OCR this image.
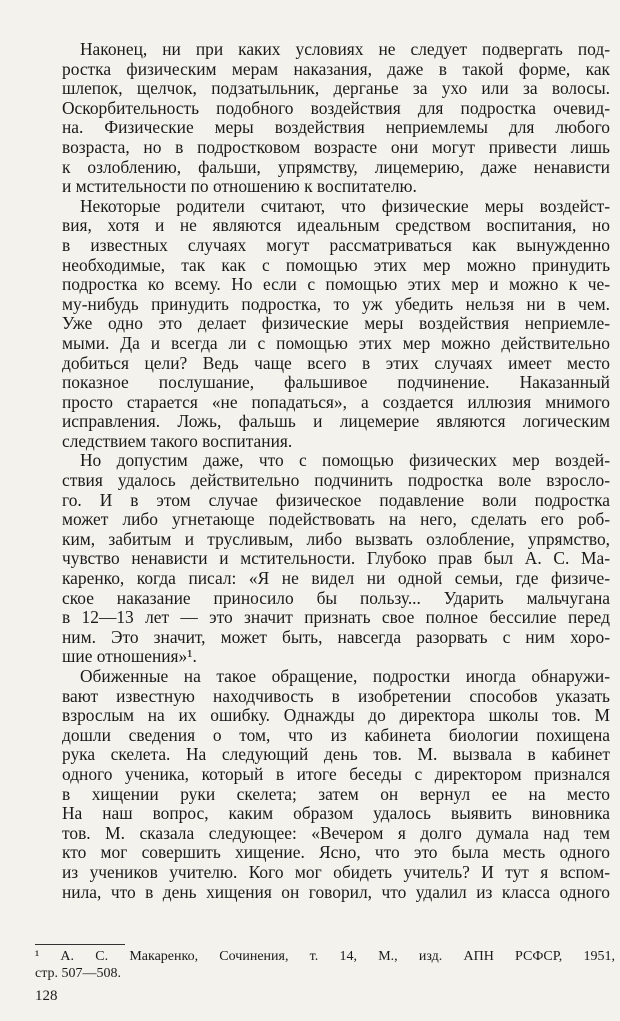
Наконец, ни при каких условиях не следует подвергать под-
ростка физическим мерам наказания, даже в такой форме, как
шлепок, щелчок, подзатыльник, дерганье за ухо или за волосы.
Оскорбительность подобного воздействия для подростка очевид-
на. Физические меры воздействия неприемлемы для любого
возраста, но в подростковом возрасте они могут привести лишь
к озлоблению, фальши, упрямству, лицемерию, даже ненависти
и мстительности по отношению к воспитателю.
Некоторые родители считают, что физические меры воздейст-
вия, хотя и не являются идеальным средством воспитания, но
в известных случаях могут рассматриваться как вынужденно
необходимые, так как с помощью этих мер можно принудить
подростка ко всему. Но если с помощью этих мер и можно к че-
му-нибудь принудить подростка, то уж убедить нельзя ни в чем.
Уже одно это делает физические меры воздействия неприемле-
мыми. Да и всегда ли с помощью этих мер можно действительно
добиться цели? Ведь чаще всего в этих случаях имеет место
показное послушание, фальшивое подчинение. Наказанный
просто старается «не попадаться», а создается иллюзия мнимого
исправления. Ложь, фальшь и лицемерие являются логическим
следствием такого воспитания.
Но допустим даже, что с помощью физических мер воздей-
ствия удалось действительно подчинить подростка воле взросло-
го. И в этом случае физическое подавление воли подростка
может либо угнетающе подействовать на него, сделать его роб-
ким, забитым и трусливым, либо вызвать озлобление, упрямство,
чувство ненависти и мстительности. Глубоко прав был А. С. Ма-
каренко, когда писал: «Я не видел ни одной семьи, где физиче-
ское наказание приносило бы пользу... Ударить мальчугана
в 12—13 лет — это значит признать свое полное бессилие перед
ним. Это значит, может быть, навсегда разорвать с ним хоро-
шие отношения»¹.
Обиженные на такое обращение, подростки иногда обнаружи-
вают известную находчивость в изобретении способов указать
взрослым на их ошибку. Однажды до директора школы тов. М
дошли сведения о том, что из кабинета биологии похищена
рука скелета. На следующий день тов. М. вызвала в кабинет
одного ученика, который в итоге беседы с директором признался
в хищении руки скелета; затем он вернул ее на место
На наш вопрос, каким образом удалось выявить виновника
тов. М. сказала следующее: «Вечером я долго думала над тем
кто мог совершить хищение. Ясно, что это была месть одного
из учеников учителю. Кого мог обидеть учитель? И тут я вспом-
нила, что в день хищения он говорил, что удалил из класса одного
¹ А. С. Макаренко, Сочинения, т. 14, М., изд. АПН РСФСР, 1951,
стр. 507—508.
128
